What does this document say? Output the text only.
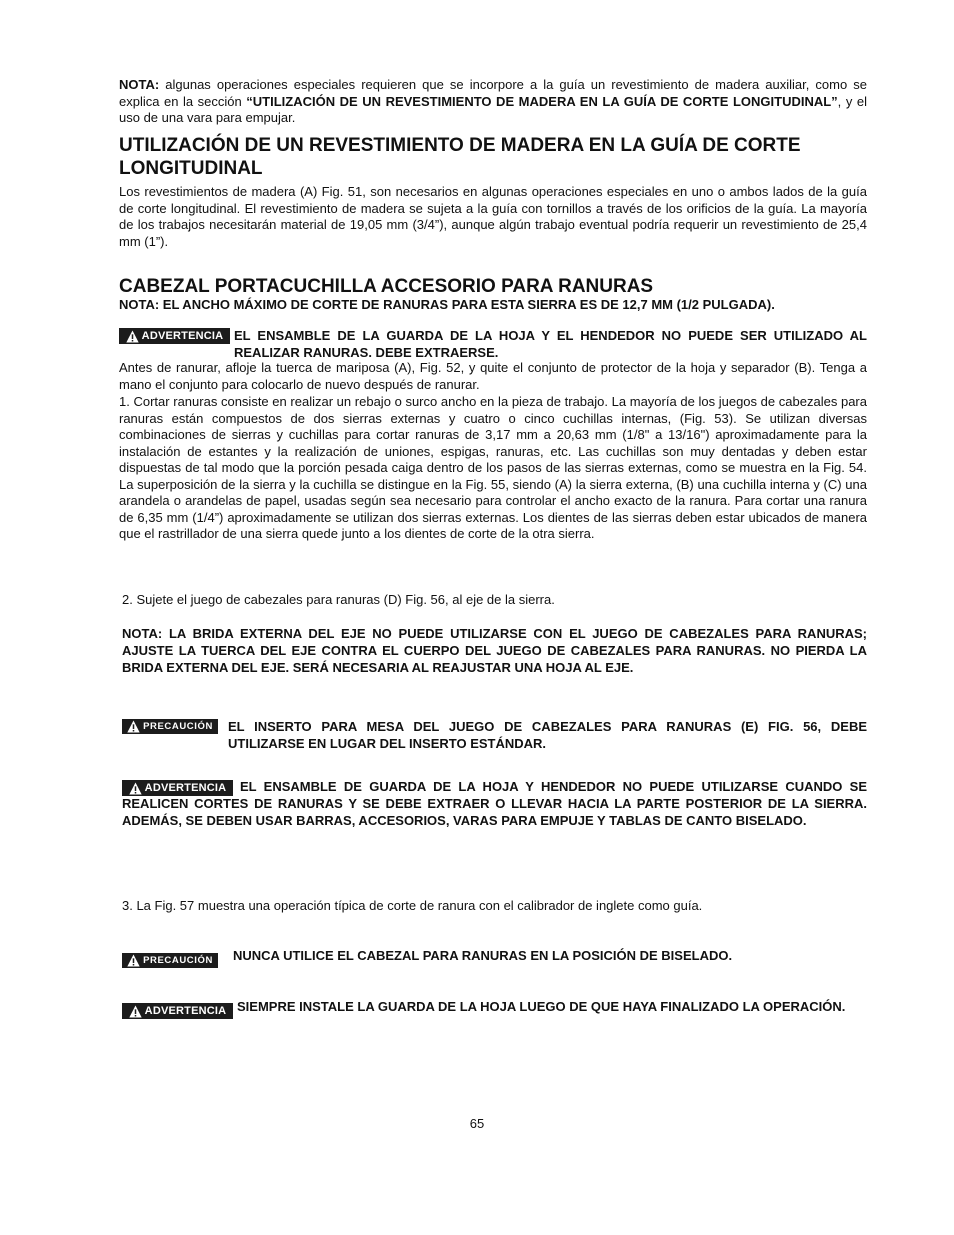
NOTA: algunas operaciones especiales requieren que se incorpore a la guía un revestimiento de madera auxiliar, como se explica en la sección “UTILIZACIÓN DE UN REVESTIMIENTO DE MADERA EN LA GUÍA DE CORTE LONGITUDINAL”, y el uso de una vara para empujar.

UTILIZACIÓN DE UN REVESTIMIENTO DE MADERA EN LA GUÍA DE CORTE LONGITUDINAL

Los revestimientos de madera (A) Fig. 51, son necesarios en algunas operaciones especiales en uno o ambos lados de la guía de corte longitudinal. El revestimiento de madera se sujeta a la guía con tornillos a través de los orificios de la guía. La mayoría de los trabajos necesitarán material de 19,05 mm (3/4”), aunque algún trabajo eventual podría requerir un revestimiento de 25,4 mm (1”).

CABEZAL PORTACUCHILLA ACCESORIO PARA RANURAS

NOTA: EL ANCHO MÁXIMO DE CORTE DE RANURAS PARA ESTA SIERRA ES DE 12,7 MM (1/2 PULGADA).

ADVERTENCIA EL ENSAMBLE DE LA GUARDA DE LA HOJA Y EL HENDEDOR NO PUEDE SER UTILIZADO AL REALIZAR RANURAS. DEBE EXTRAERSE.

Antes de ranurar, afloje la tuerca de mariposa (A), Fig. 52, y quite el conjunto de protector de la hoja y separador (B). Tenga a mano el conjunto para colocarlo de nuevo después de ranurar.

1. Cortar ranuras consiste en realizar un rebajo o surco ancho en la pieza de trabajo. La mayoría de los juegos de cabezales para ranuras están compuestos de dos sierras externas y cuatro o cinco cuchillas internas, (Fig. 53). Se utilizan diversas combinaciones de sierras y cuchillas para cortar ranuras de 3,17 mm a 20,63 mm (1/8" a 13/16") aproximadamente para la instalación de estantes y la realización de uniones, espigas, ranuras, etc. Las cuchillas son muy dentadas y deben estar dispuestas de tal modo que la porción pesada caiga dentro de los pasos de las sierras externas, como se muestra en la Fig. 54. La superposición de la sierra y la cuchilla se distingue en la Fig. 55, siendo (A) la sierra externa, (B) una cuchilla interna y (C) una arandela o arandelas de papel, usadas según sea necesario para controlar el ancho exacto de la ranura. Para cortar una ranura de 6,35 mm (1/4”) aproximadamente se utilizan dos sierras externas. Los dientes de las sierras deben estar ubicados de manera que el rastrillador de una sierra quede junto a los dientes de corte de la otra sierra.

2. Sujete el juego de cabezales para ranuras (D) Fig. 56, al eje de la sierra.

NOTA: LA BRIDA EXTERNA DEL EJE NO PUEDE UTILIZARSE CON EL JUEGO DE CABEZALES PARA RANURAS; AJUSTE LA TUERCA DEL EJE CONTRA EL CUERPO DEL JUEGO DE CABEZALES PARA RANURAS. NO PIERDA LA BRIDA EXTERNA DEL EJE. SERÁ NECESARIA AL REAJUSTAR UNA HOJA AL EJE.

PRECAUCIÓN EL INSERTO PARA MESA DEL JUEGO DE CABEZALES PARA RANURAS (E) FIG. 56, DEBE UTILIZARSE EN LUGAR DEL INSERTO ESTÁNDAR.

ADVERTENCIA	EL ENSAMBLE DE GUARDA DE LA HOJA Y HENDEDOR NO PUEDE UTILIZARSE CUANDO SE REALICEN CORTES DE RANURAS Y SE DEBE EXTRAER O LLEVAR HACIA LA PARTE POSTERIOR DE LA SIERRA. ADEMÁS, SE DEBEN USAR BARRAS, ACCESORIOS, VARAS PARA EMPUJE Y TABLAS DE CANTO BISELADO.

3. La Fig. 57 muestra una operación típica de corte de ranura con el calibrador de inglete como guía.

PRECAUCIÓN NUNCA UTILICE EL CABEZAL PARA RANURAS EN LA POSICIÓN DE BISELADO.

ADVERTENCIA SIEMPRE INSTALE LA GUARDA DE LA HOJA LUEGO DE QUE HAYA FINALIZADO LA OPERACIÓN.

65
